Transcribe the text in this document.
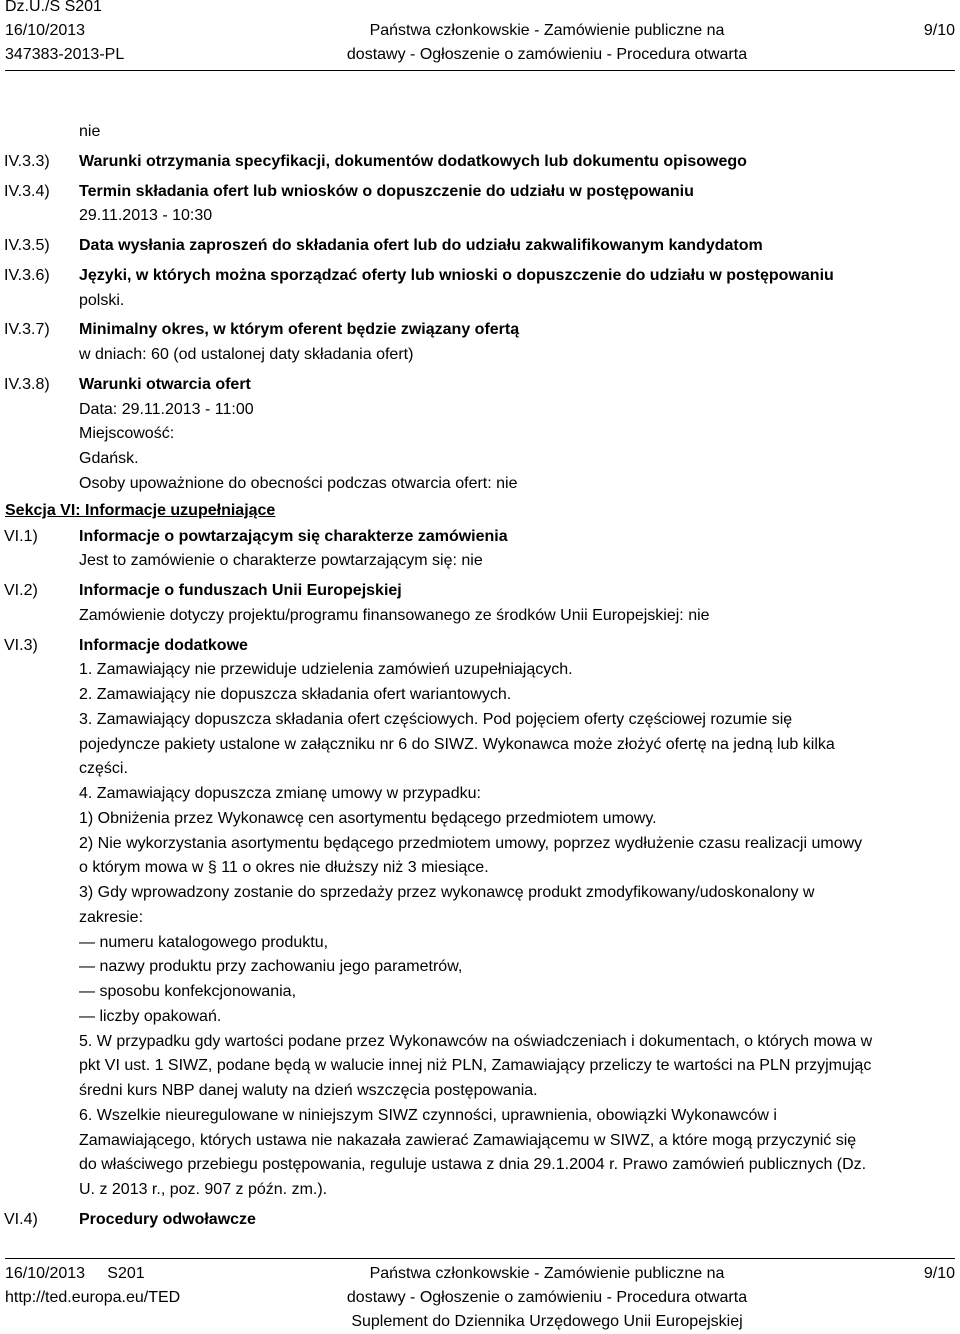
Dz.U./S S201
16/10/2013
347383-2013-PL
Państwa członkowskie - Zamówienie publiczne na
dostawy - Ogłoszenie o zamówieniu - Procedura otwarta
9/10
nie
IV.3.3) Warunki otrzymania specyfikacji, dokumentów dodatkowych lub dokumentu opisowego
IV.3.4) Termin składania ofert lub wniosków o dopuszczenie do udziału w postępowaniu
29.11.2013 - 10:30
IV.3.5) Data wysłania zaproszeń do składania ofert lub do udziału zakwalifikowanym kandydatom
IV.3.6) Języki, w których można sporządzać oferty lub wnioski o dopuszczenie do udziału w postępowaniu
polski.
IV.3.7) Minimalny okres, w którym oferent będzie związany ofertą
w dniach: 60 (od ustalonej daty składania ofert)
IV.3.8) Warunki otwarcia ofert
Data: 29.11.2013 - 11:00
Miejscowość:
Gdańsk.
Osoby upoważnione do obecności podczas otwarcia ofert: nie
Sekcja VI: Informacje uzupełniające
VI.1)	Informacje o powtarzającym się charakterze zamówienia
Jest to zamówienie o charakterze powtarzającym się: nie
VI.2)	Informacje o funduszach Unii Europejskiej
Zamówienie dotyczy projektu/programu finansowanego ze środków Unii Europejskiej: nie
VI.3)	Informacje dodatkowe
1. Zamawiający nie przewiduje udzielenia zamówień uzupełniających.
2. Zamawiający nie dopuszcza składania ofert wariantowych.
3. Zamawiający dopuszcza składania ofert częściowych. Pod pojęciem oferty częściowej rozumie się
pojedyncze pakiety ustalone w załączniku nr 6 do SIWZ. Wykonawca może złożyć ofertę na jedną lub kilka
części.
4. Zamawiający dopuszcza zmianę umowy w przypadku:
1) Obniżenia przez Wykonawcę cen asortymentu będącego przedmiotem umowy.
2) Nie wykorzystania asortymentu będącego przedmiotem umowy, poprzez wydłużenie czasu realizacji umowy
o którym mowa w § 11 o okres nie dłuższy niż 3 miesiące.
3) Gdy wprowadzony zostanie do sprzedaży przez wykonawcę produkt zmodyfikowany/udoskonalony w
zakresie:
— numeru katalogowego produktu,
— nazwy produktu przy zachowaniu jego parametrów,
— sposobu konfekcjonowania,
— liczby opakowań.
5. W przypadku gdy wartości podane przez Wykonawców na oświadczeniach i dokumentach, o których mowa w
pkt VI ust. 1 SIWZ, podane będą w walucie innej niż PLN, Zamawiający przeliczy te wartości na PLN przyjmując
średni kurs NBP danej waluty na dzień wszczęcia postępowania.
6. Wszelkie nieuregulowane w niniejszym SIWZ czynności, uprawnienia, obowiązki Wykonawców i
Zamawiającego, których ustawa nie nakazała zawierać Zamawiającemu w SIWZ, a które mogą przyczynić się
do właściwego przebiegu postępowania, reguluje ustawa z dnia 29.1.2004 r. Prawo zamówień publicznych (Dz.
U. z 2013 r., poz. 907 z późn. zm.).
VI.4)	Procedury odwoławcze
16/10/2013     S201
http://ted.europa.eu/TED
Państwa członkowskie - Zamówienie publiczne na
dostawy - Ogłoszenie o zamówieniu - Procedura otwarta
Suplement do Dziennika Urzędowego Unii Europejskiej
9/10
